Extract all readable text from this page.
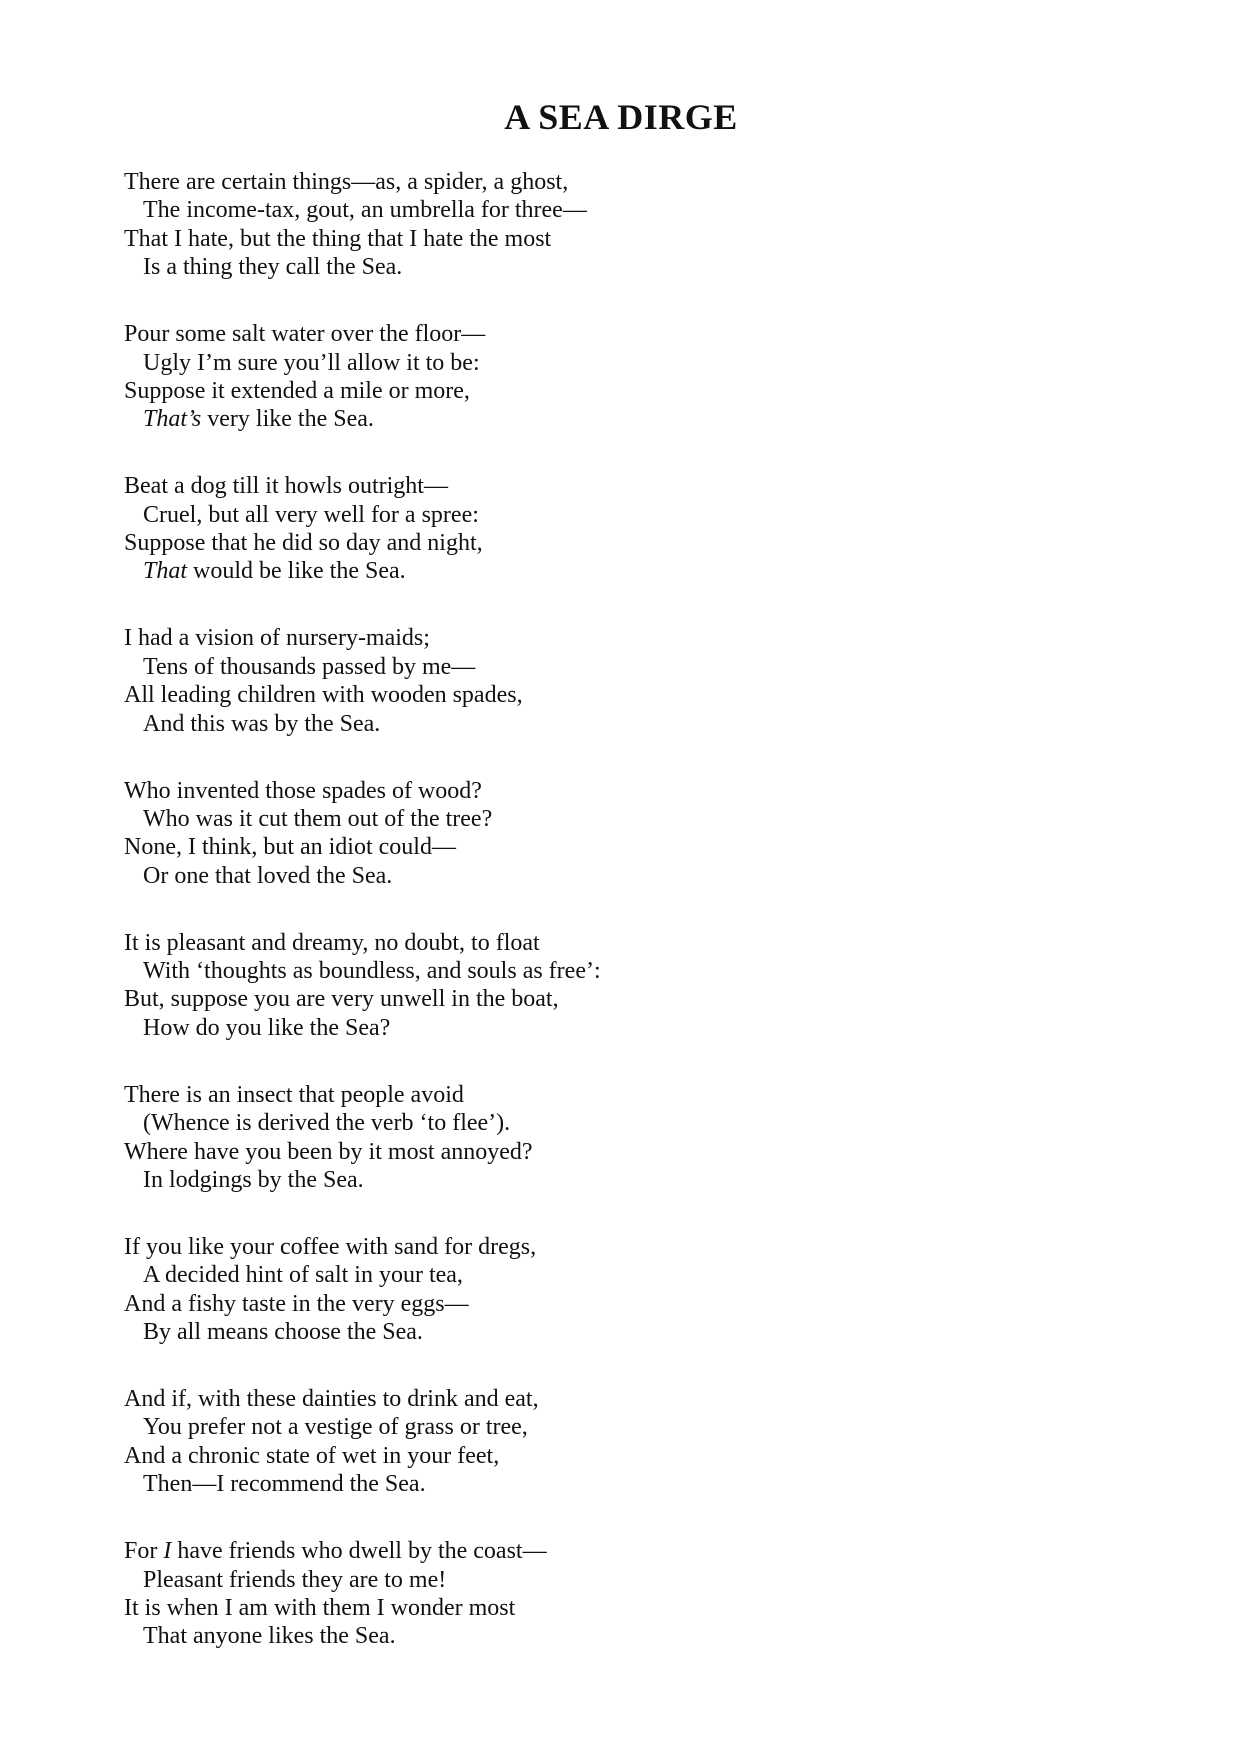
A SEA DIRGE
There are certain things—as, a spider, a ghost,
The income-tax, gout, an umbrella for three—
That I hate, but the thing that I hate the most
Is a thing they call the Sea.
Pour some salt water over the floor—
Ugly I’m sure you’ll allow it to be:
Suppose it extended a mile or more,
That’s very like the Sea.
Beat a dog till it howls outright—
Cruel, but all very well for a spree:
Suppose that he did so day and night,
That would be like the Sea.
I had a vision of nursery-maids;
Tens of thousands passed by me—
All leading children with wooden spades,
And this was by the Sea.
Who invented those spades of wood?
Who was it cut them out of the tree?
None, I think, but an idiot could—
Or one that loved the Sea.
It is pleasant and dreamy, no doubt, to float
With ‘thoughts as boundless, and souls as free’:
But, suppose you are very unwell in the boat,
How do you like the Sea?
There is an insect that people avoid
(Whence is derived the verb ‘to flee’).
Where have you been by it most annoyed?
In lodgings by the Sea.
If you like your coffee with sand for dregs,
A decided hint of salt in your tea,
And a fishy taste in the very eggs—
By all means choose the Sea.
And if, with these dainties to drink and eat,
You prefer not a vestige of grass or tree,
And a chronic state of wet in your feet,
Then—I recommend the Sea.
For I have friends who dwell by the coast—
Pleasant friends they are to me!
It is when I am with them I wonder most
That anyone likes the Sea.
